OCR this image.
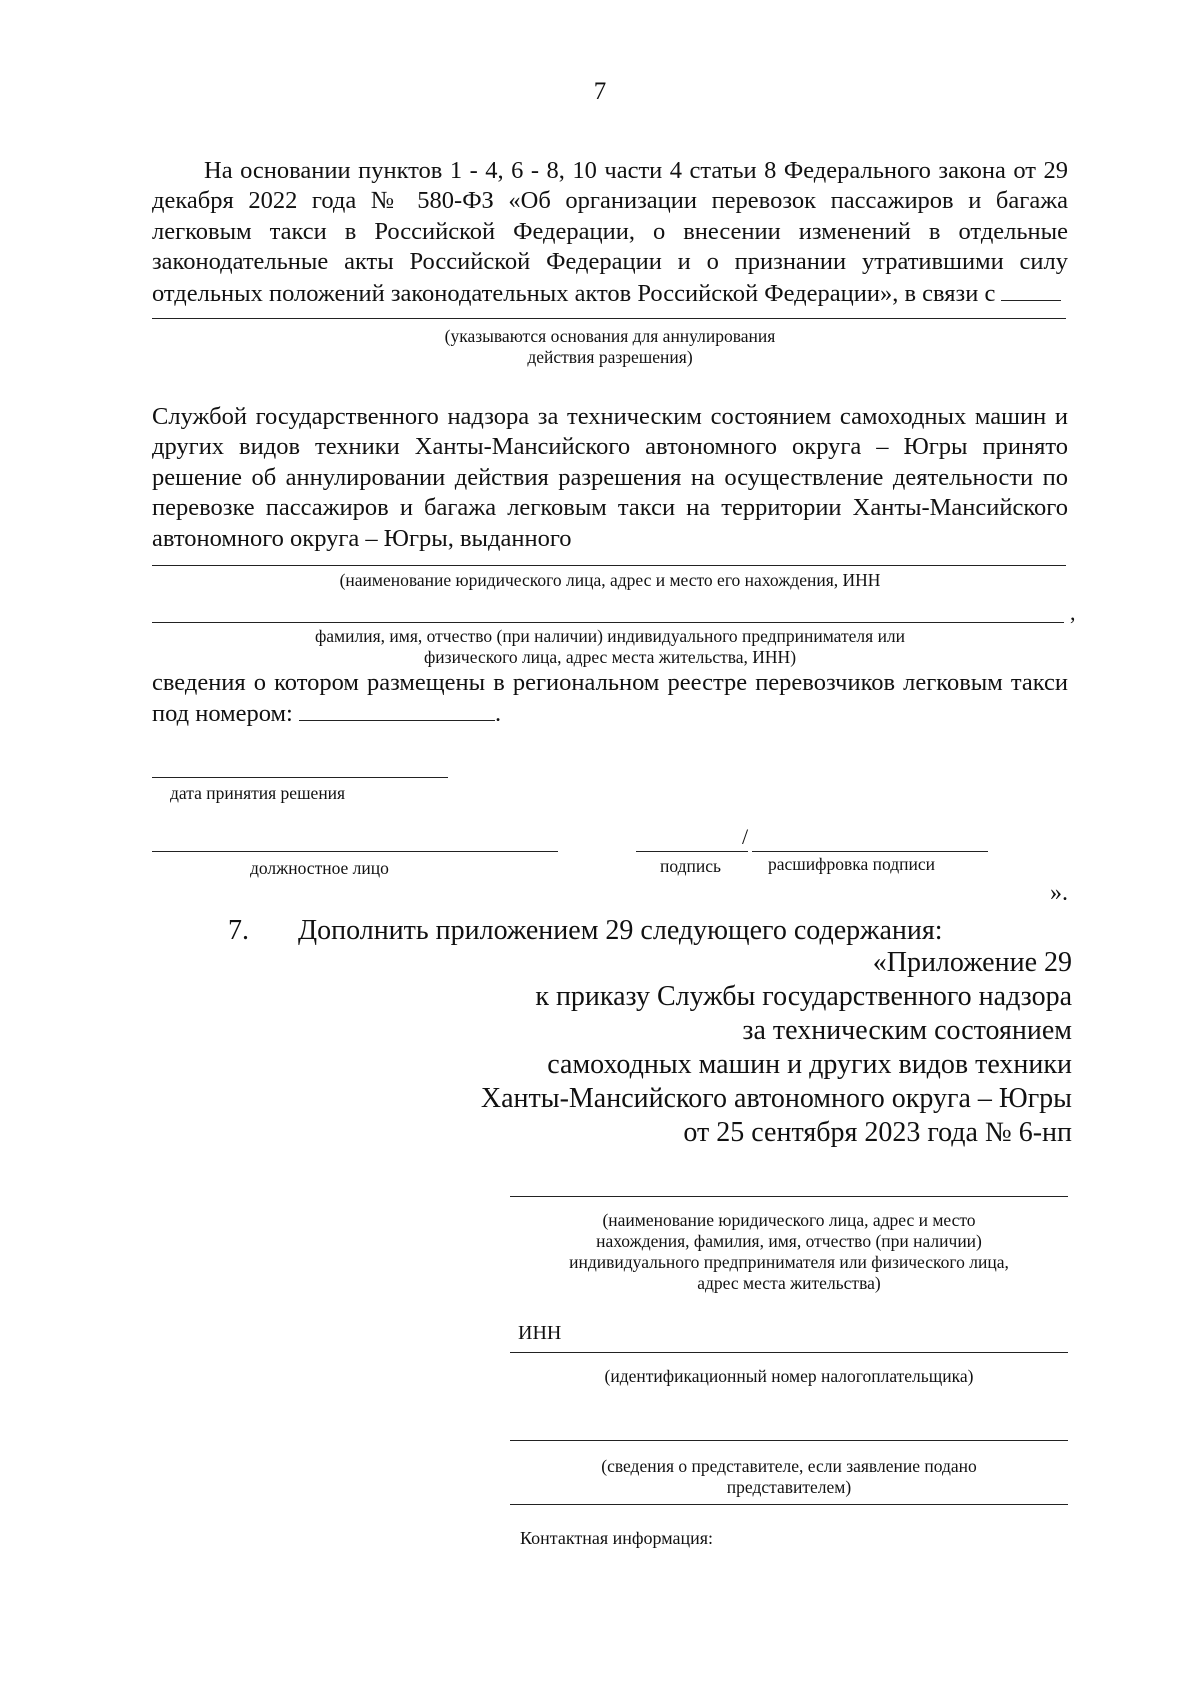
7
На основании пунктов 1 - 4, 6 - 8, 10 части 4 статьи 8 Федерального закона от 29
декабря 2022 года № 580-ФЗ «Об организации перевозок пассажиров и багажа
легковым такси в Российской Федерации, о внесении изменений в отдельные
законодательные акты Российской Федерации и о признании утратившими силу
отдельных положений законодательных актов Российской Федерации», в связи с
(указываются основания для аннулирования
действия разрешения)
Службой государственного надзора за техническим состоянием самоходных машин и
других видов техники Ханты-Мансийского автономного округа – Югры принято
решение об аннулировании действия разрешения на осуществление деятельности по
перевозке пассажиров и багажа легковым такси на территории Ханты-Мансийского
автономного округа – Югры, выданного
(наименование юридического лица, адрес и место его нахождения, ИНН
,
фамилия, имя, отчество (при наличии) индивидуального предпринимателя или
физического лица, адрес места жительства, ИНН)
сведения о котором размещены в региональном реестре перевозчиков легковым такси
под номером:	.
дата принятия решения
должностное лицо
/
подпись	расшифровка подписи
».
7. Дополнить приложением 29 следующего содержания:
«Приложение 29
к приказу Службы государственного надзора
за техническим состоянием
самоходных машин и других видов техники
Ханты-Мансийского автономного округа – Югры
от 25 сентября 2023 года № 6-нп
(наименование юридического лица, адрес и место
нахождения, фамилия, имя, отчество (при наличии)
индивидуального предпринимателя или физического лица,
адрес места жительства)
ИНН
(идентификационный номер налогоплательщика)
(сведения о представителе, если заявление подано
представителем)
Контактная информация:
